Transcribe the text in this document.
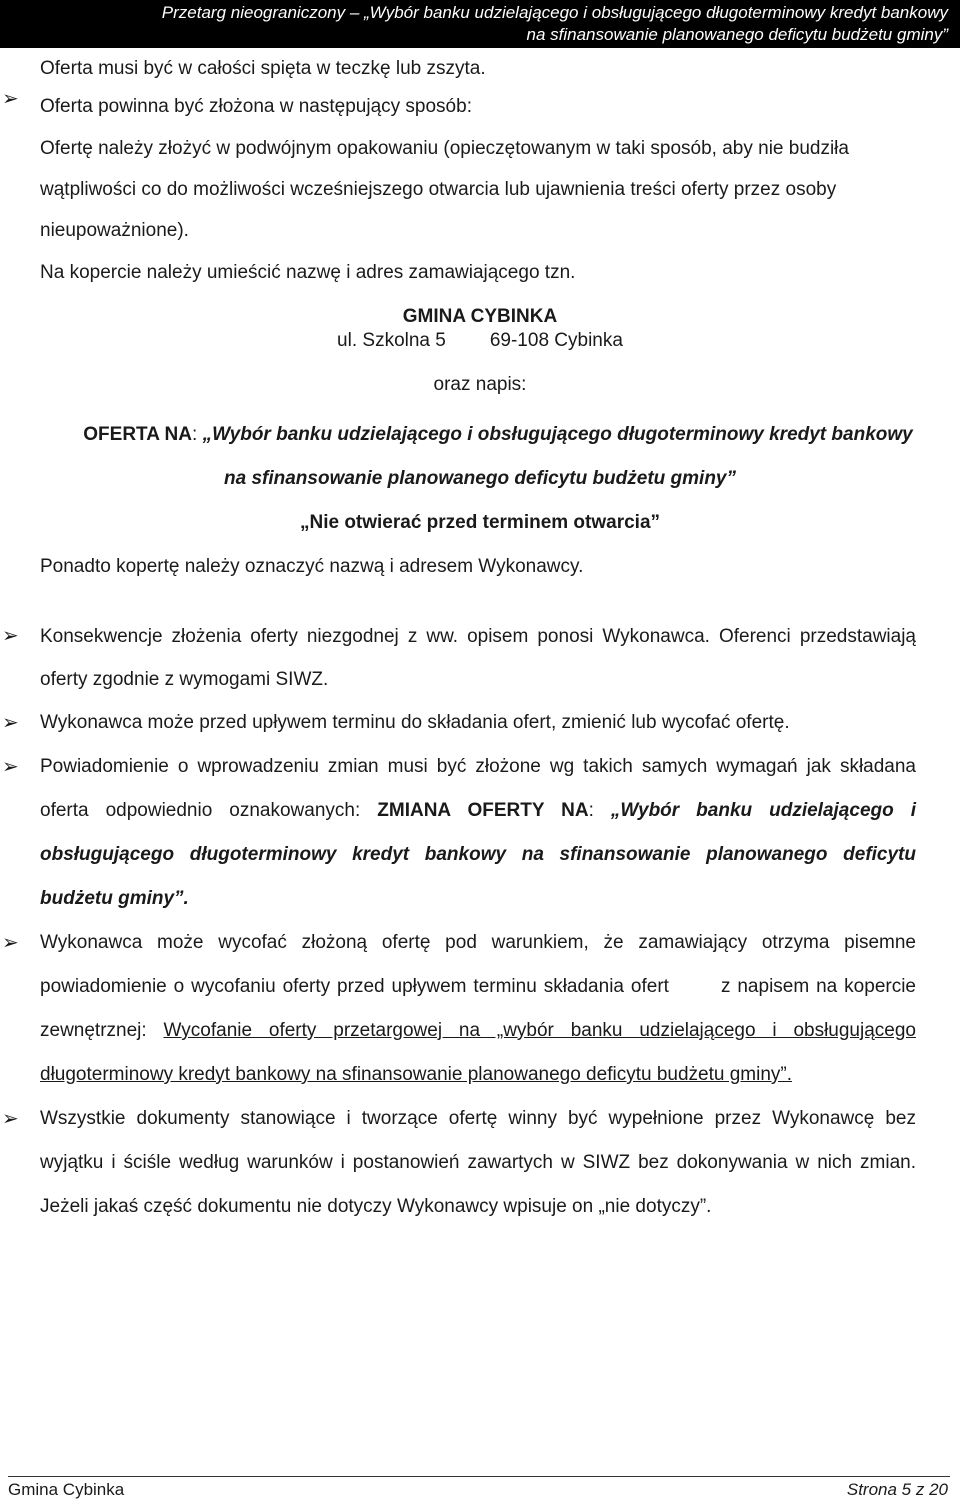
Przetarg nieograniczony – „Wybór banku udzielającego i obsługującego długoterminowy kredyt bankowy
na sfinansowanie planowanego deficytu budżetu gminy”

Oferta musi być w całości spięta w teczkę lub zszyta.

➢ Oferta powinna być złożona w następujący sposób:

Ofertę należy złożyć w podwójnym opakowaniu (opieczętowanym w taki sposób, aby nie budziła wątpliwości co do możliwości wcześniejszego otwarcia lub ujawnienia treści oferty przez osoby nieupoważnione).

Na kopercie należy umieścić nazwę i adres zamawiającego tzn.

GMINA CYBINKA

ul. Szkolna 5 69-108 Cybinka

oraz napis:

OFERTA NA: „Wybór banku udzielającego i obsługującego długoterminowy kredyt bankowy

na sfinansowanie planowanego deficytu budżetu gminy”

„Nie otwierać przed terminem otwarcia”

Ponadto kopertę należy oznaczyć nazwą i adresem Wykonawcy.

➢ Konsekwencje złożenia oferty niezgodnej z ww. opisem ponosi Wykonawca. Oferenci przedstawiają oferty zgodnie z wymogami SIWZ.
➢ Wykonawca może przed upływem terminu do składania ofert, zmienić lub wycofać ofertę.
➢ Powiadomienie o wprowadzeniu zmian musi być złożone wg takich samych wymagań jak składana oferta odpowiednio oznakowanych: ZMIANA OFERTY NA: „Wybór banku udzielającego i obsługującego długoterminowy kredyt bankowy na sfinansowanie planowanego deficytu budżetu gminy”.
➢ Wykonawca może wycofać złożoną ofertę pod warunkiem, że zamawiający otrzyma pisemne powiadomienie o wycofaniu oferty przed upływem terminu składania ofert	z napisem na kopercie zewnętrznej: Wycofanie oferty przetargowej na „wybór banku udzielającego i obsługującego długoterminowy kredyt bankowy na sfinansowanie planowanego deficytu budżetu gminy”.
➢ Wszystkie dokumenty stanowiące i tworzące ofertę winny być wypełnione przez Wykonawcę bez wyjątku i ściśle według warunków i postanowień zawartych w SIWZ bez dokonywania w nich zmian. Jeżeli jakaś część dokumentu nie dotyczy Wykonawcy wpisuje on „nie dotyczy”.
Gmina Cybinka	Strona 5 z 20
